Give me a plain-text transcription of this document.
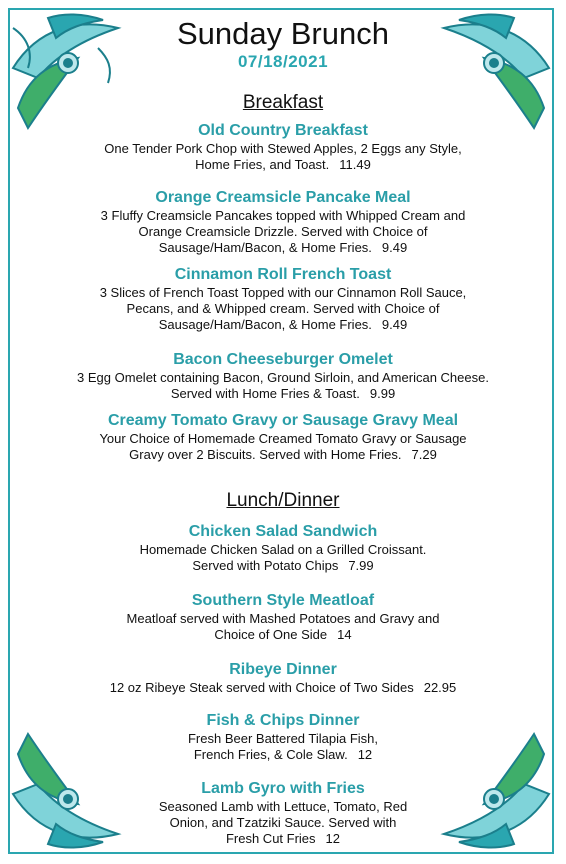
Sunday Brunch
07/18/2021
Breakfast
Old Country Breakfast
One Tender Pork Chop with Stewed Apples, 2 Eggs any Style,
Home Fries, and Toast. 11.49
Orange Creamsicle Pancake Meal
3 Fluffy Creamsicle Pancakes topped with Whipped Cream and
Orange Creamsicle Drizzle. Served with Choice of
Sausage/Ham/Bacon, & Home Fries. 9.49
Cinnamon Roll French Toast
3 Slices of French Toast Topped with our Cinnamon Roll Sauce,
Pecans, and & Whipped cream. Served with Choice of
Sausage/Ham/Bacon, & Home Fries. 9.49
Bacon Cheeseburger Omelet
3 Egg Omelet containing Bacon, Ground Sirloin, and American Cheese.
Served with Home Fries & Toast. 9.99
Creamy Tomato Gravy or Sausage Gravy Meal
Your Choice of Homemade Creamed Tomato Gravy or Sausage
Gravy over 2 Biscuits. Served with Home Fries. 7.29
Lunch/Dinner
Chicken Salad Sandwich
Homemade Chicken Salad on a Grilled Croissant.
Served with Potato Chips 7.99
Southern Style Meatloaf
Meatloaf served with Mashed Potatoes and Gravy and
Choice of One Side 14
Ribeye Dinner
12 oz Ribeye Steak served with Choice of Two Sides 22.95
Fish & Chips Dinner
Fresh Beer Battered Tilapia Fish,
French Fries, & Cole Slaw. 12
Lamb Gyro with Fries
Seasoned Lamb with Lettuce, Tomato, Red
Onion, and Tzatziki Sauce. Served with
Fresh Cut Fries 12
